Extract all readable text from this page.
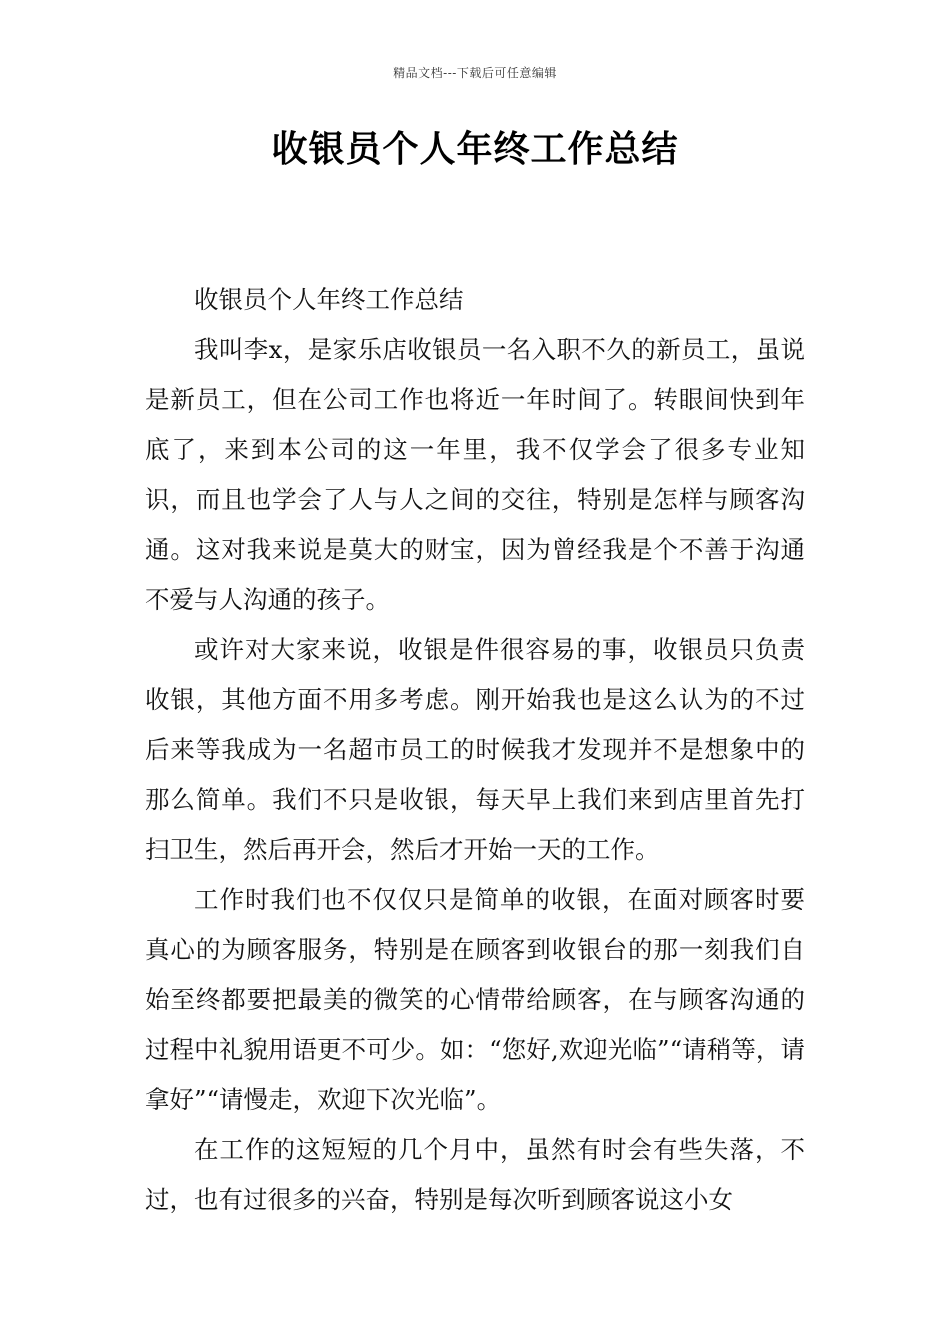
精品文档---下载后可任意编辑
收银员个人年终工作总结

收银员个人年终工作总结

我叫李x，是家乐店收银员一名入职不久的新员工，虽说是新员工，但在公司工作也将近一年时间了。转眼间快到年底了，来到本公司的这一年里，我不仅学会了很多专业知识，而且也学会了人与人之间的交往，特别是怎样与顾客沟通。这对我来说是莫大的财宝，因为曾经我是个不善于沟通不爱与人沟通的孩子。

或许对大家来说，收银是件很容易的事，收银员只负责收银，其他方面不用多考虑。刚开始我也是这么认为的不过后来等我成为一名超市员工的时候我才发现并不是想象中的那么简单。我们不只是收银，每天早上我们来到店里首先打扫卫生，然后再开会，然后才开始一天的工作。

工作时我们也不仅仅只是简单的收银，在面对顾客时要真心的为顾客服务，特别是在顾客到收银台的那一刻我们自始至终都要把最美的微笑的心情带给顾客，在与顾客沟通的过程中礼貌用语更不可少。如：“您好,欢迎光临”“请稍等，请拿好”“请慢走，欢迎下次光临”。

在工作的这短短的几个月中，虽然有时会有些失落，不过，也有过很多的兴奋，特别是每次听到顾客说这小女
